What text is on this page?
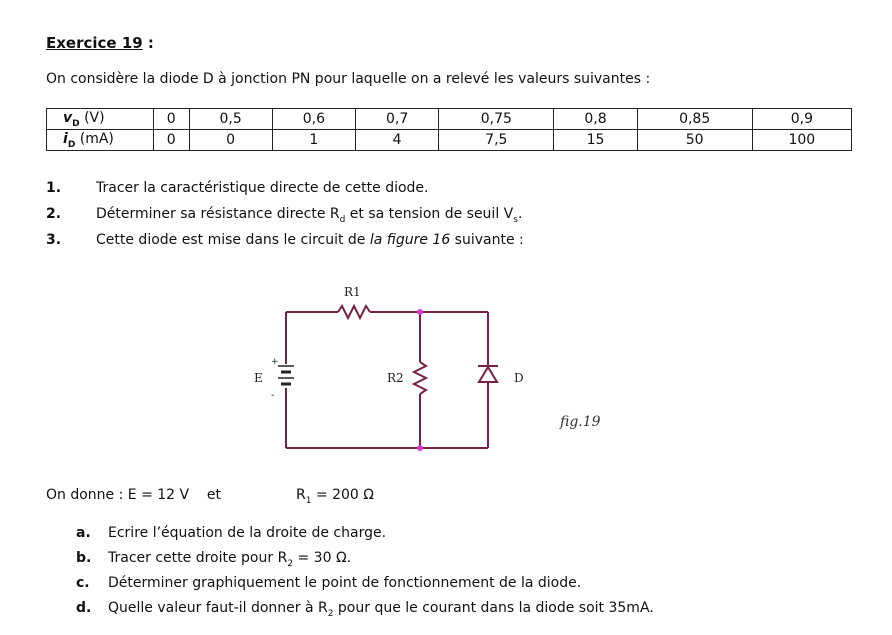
Exercice 19 :
On considère la diode D à jonction PN pour laquelle on a relevé les valeurs suivantes :
$v_D$ (V)	0	0,5	0,6	0,7	0,75	0,8	0,85	0,9
$i_D$ (mA)	0	0	1	4	7,5	15	50	100
1. Tracer la caractéristique directe de cette diode.
2. Déterminer sa résistance directe $R_d$ et sa tension de seuil $V_s$.
3. Cette diode est mise dans le circuit de la figure 16 suivante :
R1
R2
E	D
+
-
fig.19
On donne : E = 12 V    et	$R_1 = 200$ Ω
a. Ecrire l’équation de la droite de charge.
b. Tracer cette droite pour $R_2 = 30$ Ω.
c. Déterminer graphiquement le point de fonctionnement de la diode.
d. Quelle valeur faut-il donner à $R_2$ pour que le courant dans la diode soit 35mA.
